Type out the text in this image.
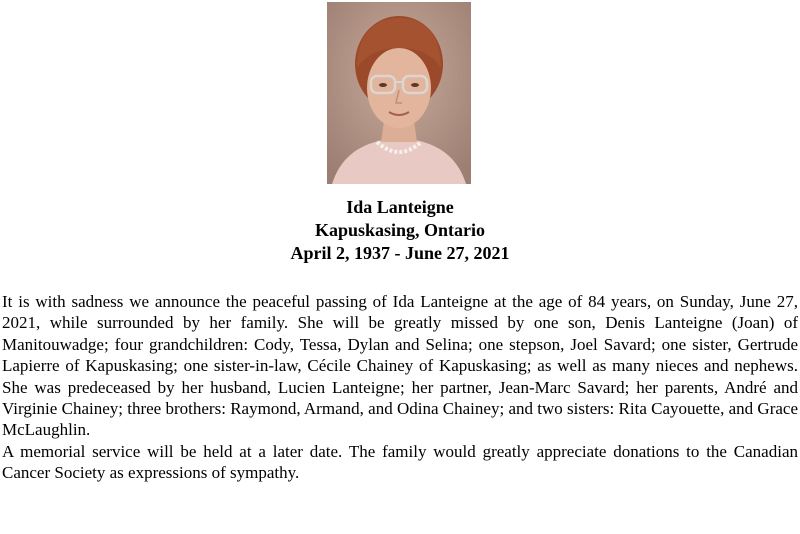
Ida Lanteigne
Kapuskasing, Ontario
April 2, 1937 - June 27, 2021

It is with sadness we announce the peaceful passing of Ida Lanteigne at the age of 84 years, on Sunday, June 27, 2021, while surrounded by her family. She will be greatly missed by one son, Denis Lanteigne (Joan) of Manitouwadge; four grandchildren: Cody, Tessa, Dylan and Selina; one stepson, Joel Savard; one sister, Gertrude Lapierre of Kapuskasing; one sister-in-law, Cécile Chainey of Kapuskasing; as well as many nieces and nephews. She was predeceased by her husband, Lucien Lanteigne; her partner, Jean-Marc Savard; her parents, André and Virginie Chainey; three brothers: Raymond, Armand, and Odina Chainey; and two sisters: Rita Cayouette, and Grace McLaughlin.

A memorial service will be held at a later date. The family would greatly appreciate donations to the Canadian Cancer Society as expressions of sympathy.
